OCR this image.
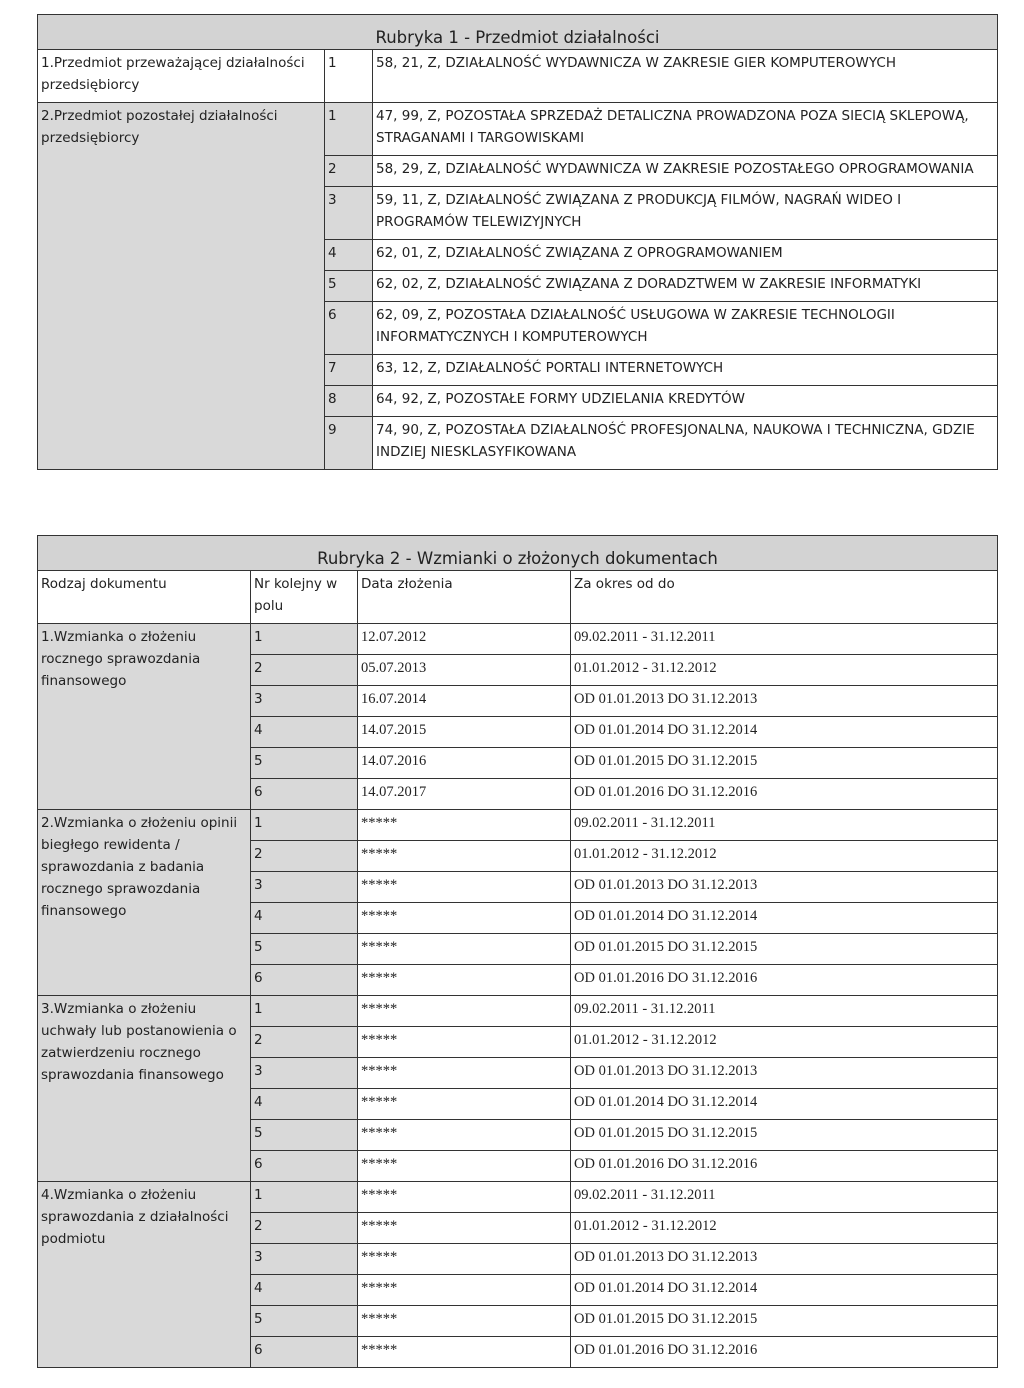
Rubryka 1 - Przedmiot działalności		
1.Przedmiot przeważającej działalności przedsiębiorcy	1	58, 21, Z, DZIAŁALNOŚĆ WYDAWNICZA W ZAKRESIE GIER KOMPUTEROWYCH
2.Przedmiot pozostałej działalności przedsiębiorcy	1	47, 99, Z, POZOSTAŁA SPRZEDAŻ DETALICZNA PROWADZONA POZA SIECIĄ SKLEPOWĄ, STRAGANAMI I TARGOWISKAMI
	2	58, 29, Z, DZIAŁALNOŚĆ WYDAWNICZA W ZAKRESIE POZOSTAŁEGO OPROGRAMOWANIA
	3	59, 11, Z, DZIAŁALNOŚĆ ZWIĄZANA Z PRODUKCJĄ FILMÓW, NAGRAŃ WIDEO I PROGRAMÓW TELEWIZYJNYCH
	4	62, 01, Z, DZIAŁALNOŚĆ ZWIĄZANA Z OPROGRAMOWANIEM
	5	62, 02, Z, DZIAŁALNOŚĆ ZWIĄZANA Z DORADZTWEM W ZAKRESIE INFORMATYKI
	6	62, 09, Z, POZOSTAŁA DZIAŁALNOŚĆ USŁUGOWA W ZAKRESIE TECHNOLOGII INFORMATYCZNYCH I KOMPUTEROWYCH
	7	63, 12, Z, DZIAŁALNOŚĆ PORTALI INTERNETOWYCH
	8	64, 92, Z, POZOSTAŁE FORMY UDZIELANIA KREDYTÓW
	9	74, 90, Z, POZOSTAŁA DZIAŁALNOŚĆ PROFESJONALNA, NAUKOWA I TECHNICZNA, GDZIE INDZIEJ NIESKLASYFIKOWANA
Rubryka 2 - Wzmianki o złożonych dokumentach			
Rodzaj dokumentu	Nr kolejny w polu	Data złożenia	Za okres od do
1.Wzmianka o złożeniu rocznego sprawozdania finansowego	1	12.07.2012	09.02.2011 - 31.12.2011
	2	05.07.2013	01.01.2012 - 31.12.2012
	3	16.07.2014	OD 01.01.2013 DO 31.12.2013
	4	14.07.2015	OD 01.01.2014 DO 31.12.2014
	5	14.07.2016	OD 01.01.2015 DO 31.12.2015
	6	14.07.2017	OD 01.01.2016 DO 31.12.2016
2.Wzmianka o złożeniu opinii biegłego rewidenta / sprawozdania z badania rocznego sprawozdania finansowego	1	*****	09.02.2011 - 31.12.2011
	2	*****	01.01.2012 - 31.12.2012
	3	*****	OD 01.01.2013 DO 31.12.2013
	4	*****	OD 01.01.2014 DO 31.12.2014
	5	*****	OD 01.01.2015 DO 31.12.2015
	6	*****	OD 01.01.2016 DO 31.12.2016
3.Wzmianka o złożeniu uchwały lub postanowienia o zatwierdzeniu rocznego sprawozdania finansowego	1	*****	09.02.2011 - 31.12.2011
	2	*****	01.01.2012 - 31.12.2012
	3	*****	OD 01.01.2013 DO 31.12.2013
	4	*****	OD 01.01.2014 DO 31.12.2014
	5	*****	OD 01.01.2015 DO 31.12.2015
	6	*****	OD 01.01.2016 DO 31.12.2016
4.Wzmianka o złożeniu sprawozdania z działalności podmiotu	1	*****	09.02.2011 - 31.12.2011
	2	*****	01.01.2012 - 31.12.2012
	3	*****	OD 01.01.2013 DO 31.12.2013
	4	*****	OD 01.01.2014 DO 31.12.2014
	5	*****	OD 01.01.2015 DO 31.12.2015
	6	*****	OD 01.01.2016 DO 31.12.2016
